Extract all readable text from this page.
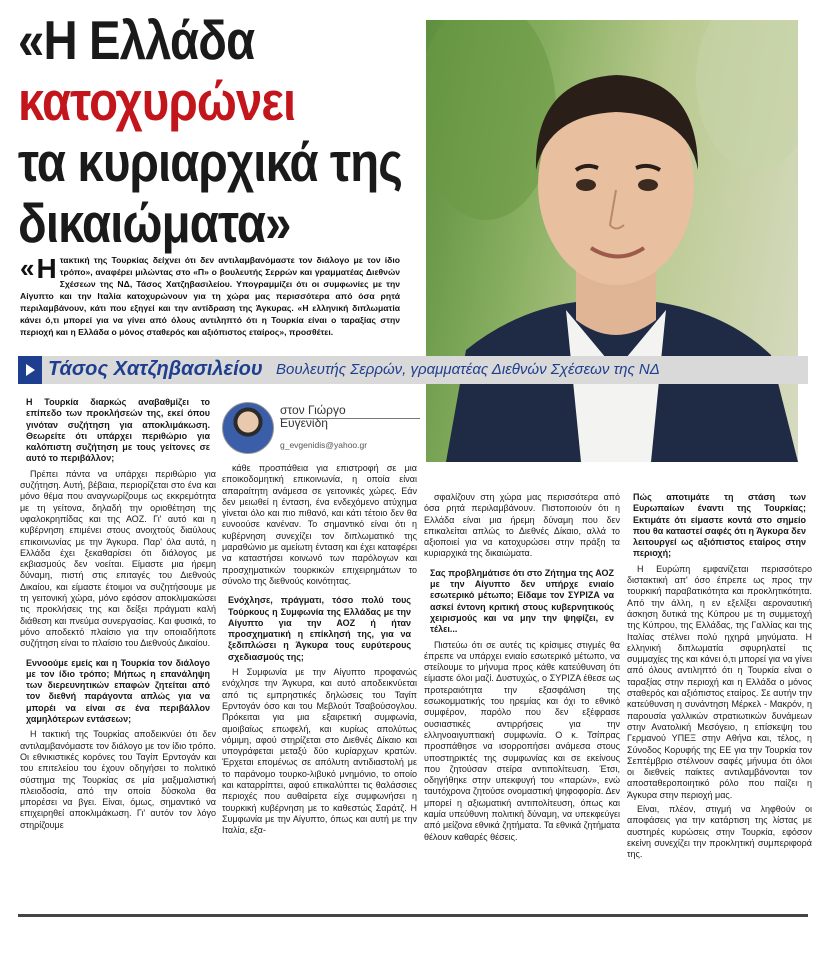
«Η Ελλάδα
κατοχυρώνει
τα κυριαρχικά της
δικαιώματα»
« Η τακτική της Τουρκίας δείχνει ότι δεν αντιλαμβανόμαστε τον διάλογο με τον ίδιο τρόπο», αναφέρει μιλώντας στο «Π» ο βουλευτής Σερρών και γραμματέας Διεθνών Σχέσεων της ΝΔ, Τάσος Χατζηβασιλείου. Υπογραμμίζει ότι οι συμφωνίες με την Αίγυπτο και την Ιταλία κατοχυρώνουν για τη χώρα μας περισσότερα από όσα ρητά περιλαμβάνουν, κάτι που εξηγεί και την αντίδραση της Άγκυρας. «Η ελληνική διπλωματία κάνει ό,τι μπορεί για να γίνει από όλους αντιληπτό ότι η Τουρκία είναι ο ταραξίας στην περιοχή και η Ελλάδα ο μόνος σταθερός και αξιόπιστος εταίρος», προσθέτει.
Τάσος Χατζηβασιλείου Βουλευτής Σερρών, γραμματέας Διεθνών Σχέσεων της ΝΔ

Η Τουρκία διαρκώς αναβαθμίζει το επίπεδο των προκλήσεών της, εκεί όπου γινόταν συζήτηση για αποκλιμάκωση. Θεωρείτε ότι υπάρχει περιθώριο για καλόπιστη συζήτηση με τους γείτονες σε αυτό το περιβάλλον;

Πρέπει πάντα να υπάρχει περιθώριο για συζήτηση. Αυτή, βέβαια, περιορίζεται στο ένα και μόνο θέμα που αναγνωρίζουμε ως εκκρεμότητα με τη γείτονα, δηλαδή την οριοθέτηση της υφαλοκρηπίδας και της ΑΟΖ. Γι' αυτό και η κυβέρνηση επιμένει στους ανοιχτούς διαύλους επικοινωνίας με την Άγκυρα. Παρ' όλα αυτά, η Ελλάδα έχει ξεκαθαρίσει ότι διάλογος με εκβιασμούς δεν νοείται. Είμαστε μια ήρεμη δύναμη, πιστή στις επιταγές του Διεθνούς Δικαίου, και είμαστε έτοιμοι να συζητήσουμε με τη γειτονική χώρα, μόνο εφόσον αποκλιμακώσει τις προκλήσεις της και δείξει πράγματι καλή διάθεση και πνεύμα συνεργασίας. Και φυσικά, το μόνο αποδεκτό πλαίσιο για την οποιαδήποτε συζήτηση είναι το πλαίσιο του Διεθνούς Δικαίου.

Εννοούμε εμείς και η Τουρκία τον διάλογο με τον ίδιο τρόπο; Μήπως η επανάληψη των διερευνητικών επαφών ζητείται από τον διεθνή παράγοντα απλώς για να μπορέι να είναι σε ένα περιβάλλον χαμηλότερων εντάσεων;

Η τακτική της Τουρκίας αποδεικνύει ότι δεν αντιλαμβανόμαστε τον διάλογο με τον ίδιο τρόπο. Οι εθνικιστικές κορόνες του Ταγίπ Ερντογάν και του επιτελείου του έχουν οδηγήσει το πολιτικό σύστημα της Τουρκίας σε μία μαξιμαλιστική πλειοδοσία, από την οποία δύσκολα θα μπορέσει να βγει. Είναι, όμως, σημαντικό να επιχειρηθεί αποκλιμάκωση. Γι' αυτόν τον λόγο στηρίζουμε

στον Γιώργο
Ευγενίδη
g_evgenidis@yahoo.gr

κάθε προσπάθεια για επιστροφή σε μια εποικοδομητική επικοινωνία, η οποία είναι απαραίτητη ανάμεσα σε γειτονικές χώρες. Εάν δεν μειωθεί η ένταση, ένα ενδεχόμενο ατύχημα γίνεται όλο και πιο πιθανό, και κάτι τέτοιο δεν θα ευνοούσε κανέναν. Το σημαντικό είναι ότι η κυβέρνηση συνεχίζει τον διπλωματικό της μαραθώνιο με αμείωτη ένταση και έχει καταφέρει να καταστήσει κοινωνό των παρόλογων και προσχηματικών τουρκικών επιχειρημάτων το σύνολο της διεθνούς κοινότητας.

Ενόχλησε, πράγματι, τόσο πολύ τους Τούρκους η Συμφωνία της Ελλάδας με την Αίγυπτο για την ΑΟΖ ή ήταν προσχηματική η επίκλησή της, για να ξεδιπλώσει η Άγκυρα τους ευρύτερους σχεδιασμούς της;

Η Συμφωνία με την Αίγυπτο προφανώς ενόχλησε την Άγκυρα, και αυτό αποδεικνύεται από τις εμπρηστικές δηλώσεις του Ταγίπ Ερντογάν όσο και του Μεβλούτ Τσαβούσογλου. Πρόκειται για μια εξαιρετική συμφωνία, αμοιβαίως επωφελή, και κυρίως απολύτως νόμιμη, αφού στηρίζεται στο Διεθνές Δίκαιο και υπογράφεται μεταξύ δύο κυρίαρχων κρατών. Έρχεται επομένως σε απόλυτη αντιδιαστολή με το παράνομο τουρκο-λιβυκό μνημόνιο, το οποίο και καταρρίπτει, αφού επικαλύπτει τις θαλάσσιες περιοχές που αυθαίρετα είχε συμφωνήσει η τουρκική κυβέρνηση με το καθεστώς Σαράτζ. Η Συμφωνία με την Αίγυπτο, όπως και αυτή με την Ιταλία, εξα-

σφαλίζουν στη χώρα μας περισσότερα από όσα ρητά περιλαμβάνουν. Πιστοποιούν ότι η Ελλάδα είναι μια ήρεμη δύναμη που δεν επικαλείται απλώς το Διεθνές Δίκαιο, αλλά το αξιοποιεί για να κατοχυρώσει στην πράξη τα κυριαρχικά της δικαιώματα.

Σας προβλημάτισε ότι στο Ζήτημα της ΑΟΖ με την Αίγυπτο δεν υπήρχε ενιαίο εσωτερικό μέτωπο; Είδαμε τον ΣΥΡΙΖΑ να ασκεί έντονη κριτική στους κυβερνητικούς χειρισμούς και να μην την ψηφίζει, εν τέλει...

Πιστεύω ότι σε αυτές τις κρίσιμες στιγμές θα έπρεπε να υπάρχει ενιαίο εσωτερικό μέτωπο, να στείλουμε το μήνυμα προς κάθε κατεύθυνση ότι είμαστε όλοι μαζί. Δυστυχώς, ο ΣΥΡΙΖΑ έθεσε ως προτεραιότητα την εξασφάλιση της εσωκομματικής του ηρεμίας και όχι το εθνικό συμφέρον, παρόλο που δεν εξέφρασε ουσιαστικές αντιρρήσεις για την ελληνοαιγυπτιακή συμφωνία. Ο κ. Τσίπρας προσπάθησε να ισορροπήσει ανάμεσα στους υποστηρικτές της συμφωνίας και σε εκείνους που ζητούσαν στείρα αντιπολίτευση. Έτσι, οδηγήθηκε στην υπεκφυγή του «παρών», ενώ ταυτόχρονα ζητούσε ονομαστική ψηφοφορία. Δεν μπορεί η αξιωματική αντιπολίτευση, όπως και καμία υπεύθυνη πολιτική δύναμη, να υπεκφεύγει από μείζονα εθνικά ζητήματα. Τα εθνικά ζητήματα θέλουν καθαρές θέσεις.

Πώς αποτιμάτε τη στάση των Ευρωπαίων έναντι της Τουρκίας; Εκτιμάτε ότι είμαστε κοντά στο σημείο που θα καταστεί σαφές ότι η Άγκυρα δεν λειτουργεί ως αξιόπιστος εταίρος στην περιοχή;

Η Ευρώπη εμφανίζεται περισσότερο διστακτική απ' όσο έπρεπε ως προς την τουρκική παραβατικότητα και προκλητικότητα. Από την άλλη, η εν εξελίξει αεροναυτική άσκηση δυτικά της Κύπρου με τη συμμετοχή της Κύπρου, της Ελλάδας, της Γαλλίας και της Ιταλίας στέλνει πολύ ηχηρά μηνύματα. Η ελληνική διπλωματία σφυρηλατεί τις συμμαχίες της και κάνει ό,τι μπορεί για να γίνει από όλους αντιληπτό ότι η Τουρκία είναι ο ταραξίας στην περιοχή και η Ελλάδα ο μόνος σταθερός και αξιόπιστος εταίρος. Σε αυτήν την κατεύθυνση η συνάντηση Μέρκελ - Μακρόν, η παρουσία γαλλικών στρατιωτικών δυνάμεων στην Ανατολική Μεσόγειο, η επίσκεψη του Γερμανού ΥΠΕΞ στην Αθήνα και, τέλος, η Σύνοδος Κορυφής της ΕΕ για την Τουρκία τον Σεπτέμβριο στέλνουν σαφές μήνυμα ότι όλοι οι διεθνείς παίκτες αντιλαμβάνονται τον αποσταθεροποιητικό ρόλο που παίζει η Άγκυρα στην περιοχή μας.

Είναι, πλέον, στιγμή να ληφθούν οι αποφάσεις για την κατάρτιση της λίστας με αυστηρές κυρώσεις στην Τουρκία, εφόσον εκείνη συνεχίζει την προκλητική συμπεριφορά της.
